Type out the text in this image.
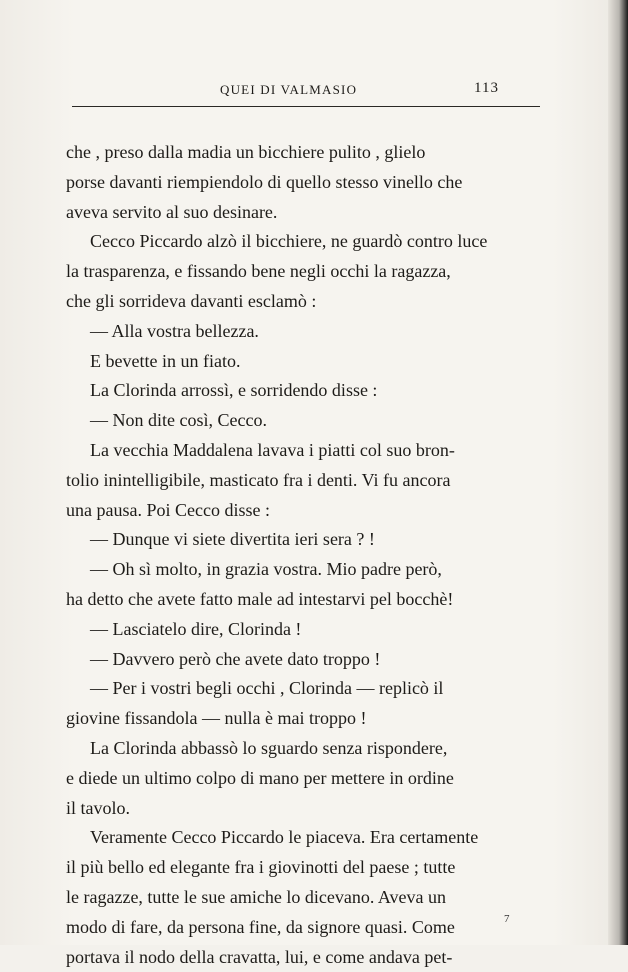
QUEI DI VALMASIO	113
che , preso dalla madia un bicchiere pulito , glielo
porse davanti riempiendolo di quello stesso vinello che
aveva servito al suo desinare.
Cecco Piccardo alzò il bicchiere, ne guardò contro luce
la trasparenza, e fissando bene negli occhi la ragazza,
che gli sorrideva davanti esclamò :
— Alla vostra bellezza.
E bevette in un fiato.
La Clorinda arrossì, e sorridendo disse :
— Non dite così, Cecco.
La vecchia Maddalena lavava i piatti col suo bron-
tolio inintelligibile, masticato fra i denti. Vi fu ancora
una pausa. Poi Cecco disse :
— Dunque vi siete divertita ieri sera ? !
— Oh sì molto, in grazia vostra. Mio padre però,
ha detto che avete fatto male ad intestarvi pel bocchè!
— Lasciatelo dire, Clorinda !
— Davvero però che avete dato troppo !
— Per i vostri begli occhi , Clorinda — replicò il
giovine fissandola — nulla è mai troppo !
La Clorinda abbassò lo sguardo senza rispondere,
e diede un ultimo colpo di mano per mettere in ordine
il tavolo.
Veramente Cecco Piccardo le piaceva. Era certamente
il più bello ed elegante fra i giovinotti del paese ; tutte
le ragazze, tutte le sue amiche lo dicevano. Aveva un
modo di fare, da persona fine, da signore quasi. Come
portava il nodo della cravatta, lui, e come andava pet-
7
